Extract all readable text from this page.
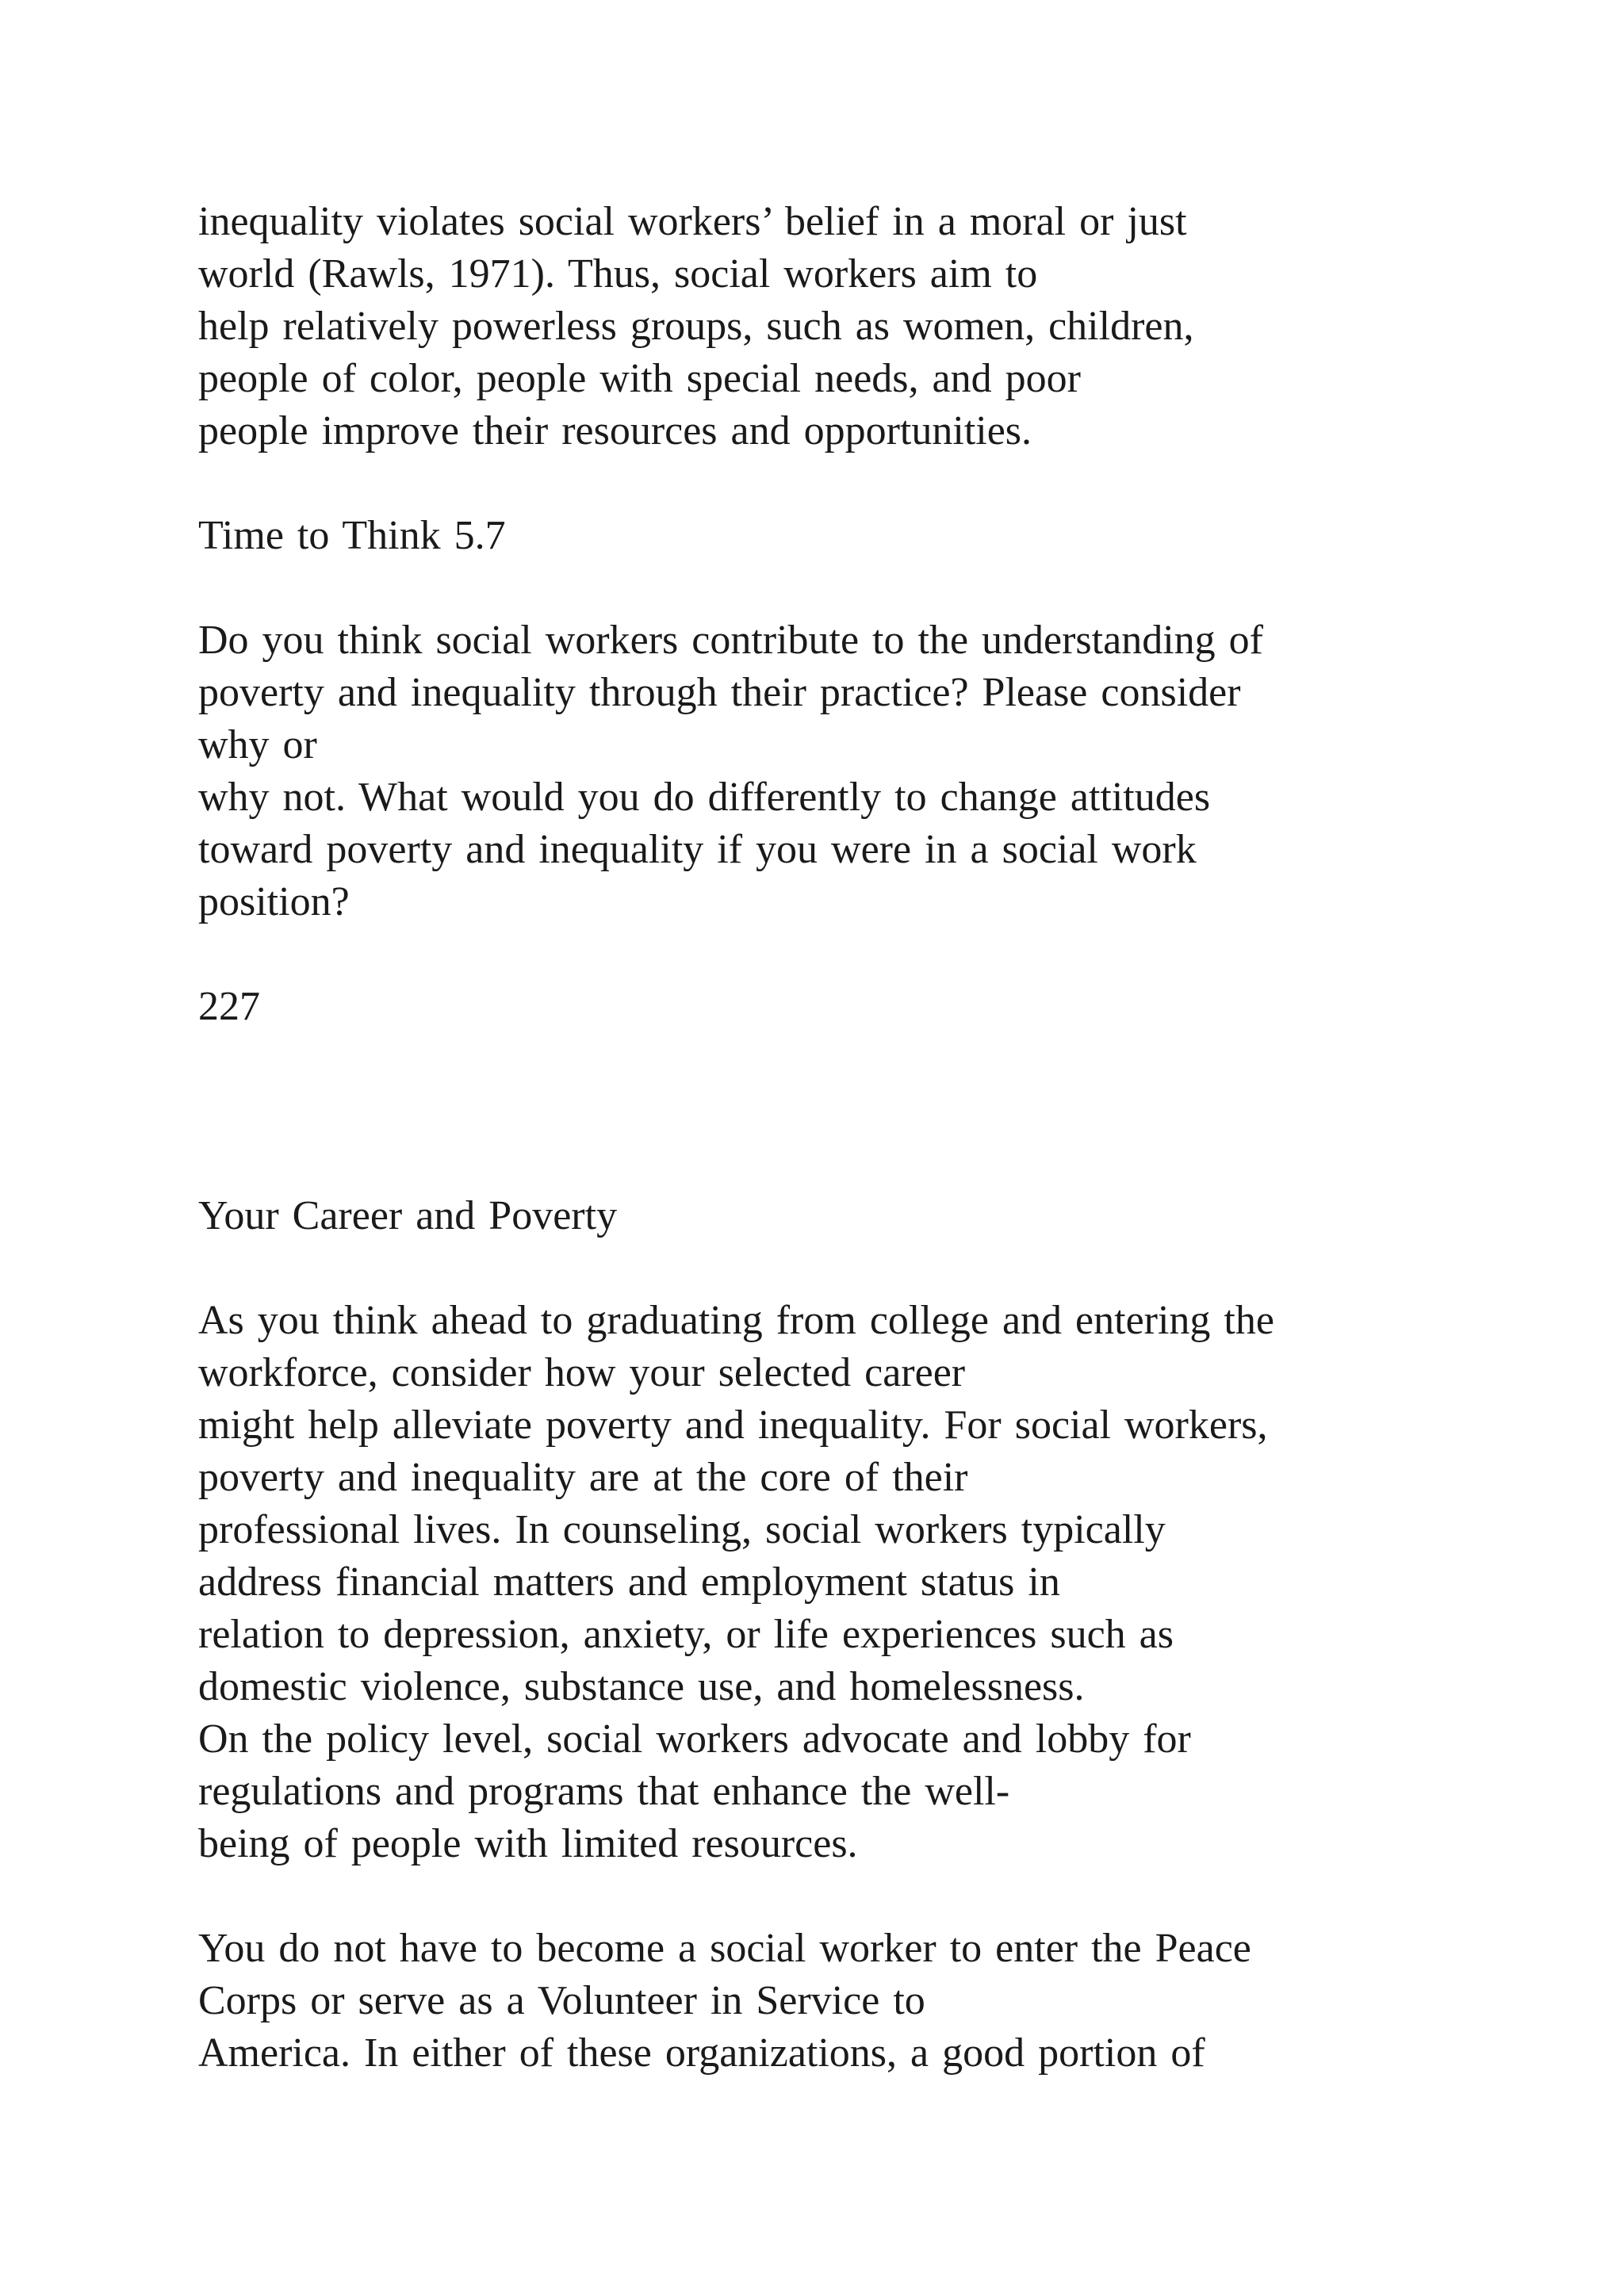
inequality violates social workers’ belief in a moral or just
world (Rawls, 1971). Thus, social workers aim to
help relatively powerless groups, such as women, children,
people of color, people with special needs, and poor
people improve their resources and opportunities.
Time to Think 5.7
Do you think social workers contribute to the understanding of
poverty and inequality through their practice? Please consider
why or
why not. What would you do differently to change attitudes
toward poverty and inequality if you were in a social work
position?
227
Your Career and Poverty
As you think ahead to graduating from college and entering the
workforce, consider how your selected career
might help alleviate poverty and inequality. For social workers,
poverty and inequality are at the core of their
professional lives. In counseling, social workers typically
address financial matters and employment status in
relation to depression, anxiety, or life experiences such as
domestic violence, substance use, and homelessness.
On the policy level, social workers advocate and lobby for
regulations and programs that enhance the well-
being of people with limited resources.
You do not have to become a social worker to enter the Peace
Corps or serve as a Volunteer in Service to
America. In either of these organizations, a good portion of
